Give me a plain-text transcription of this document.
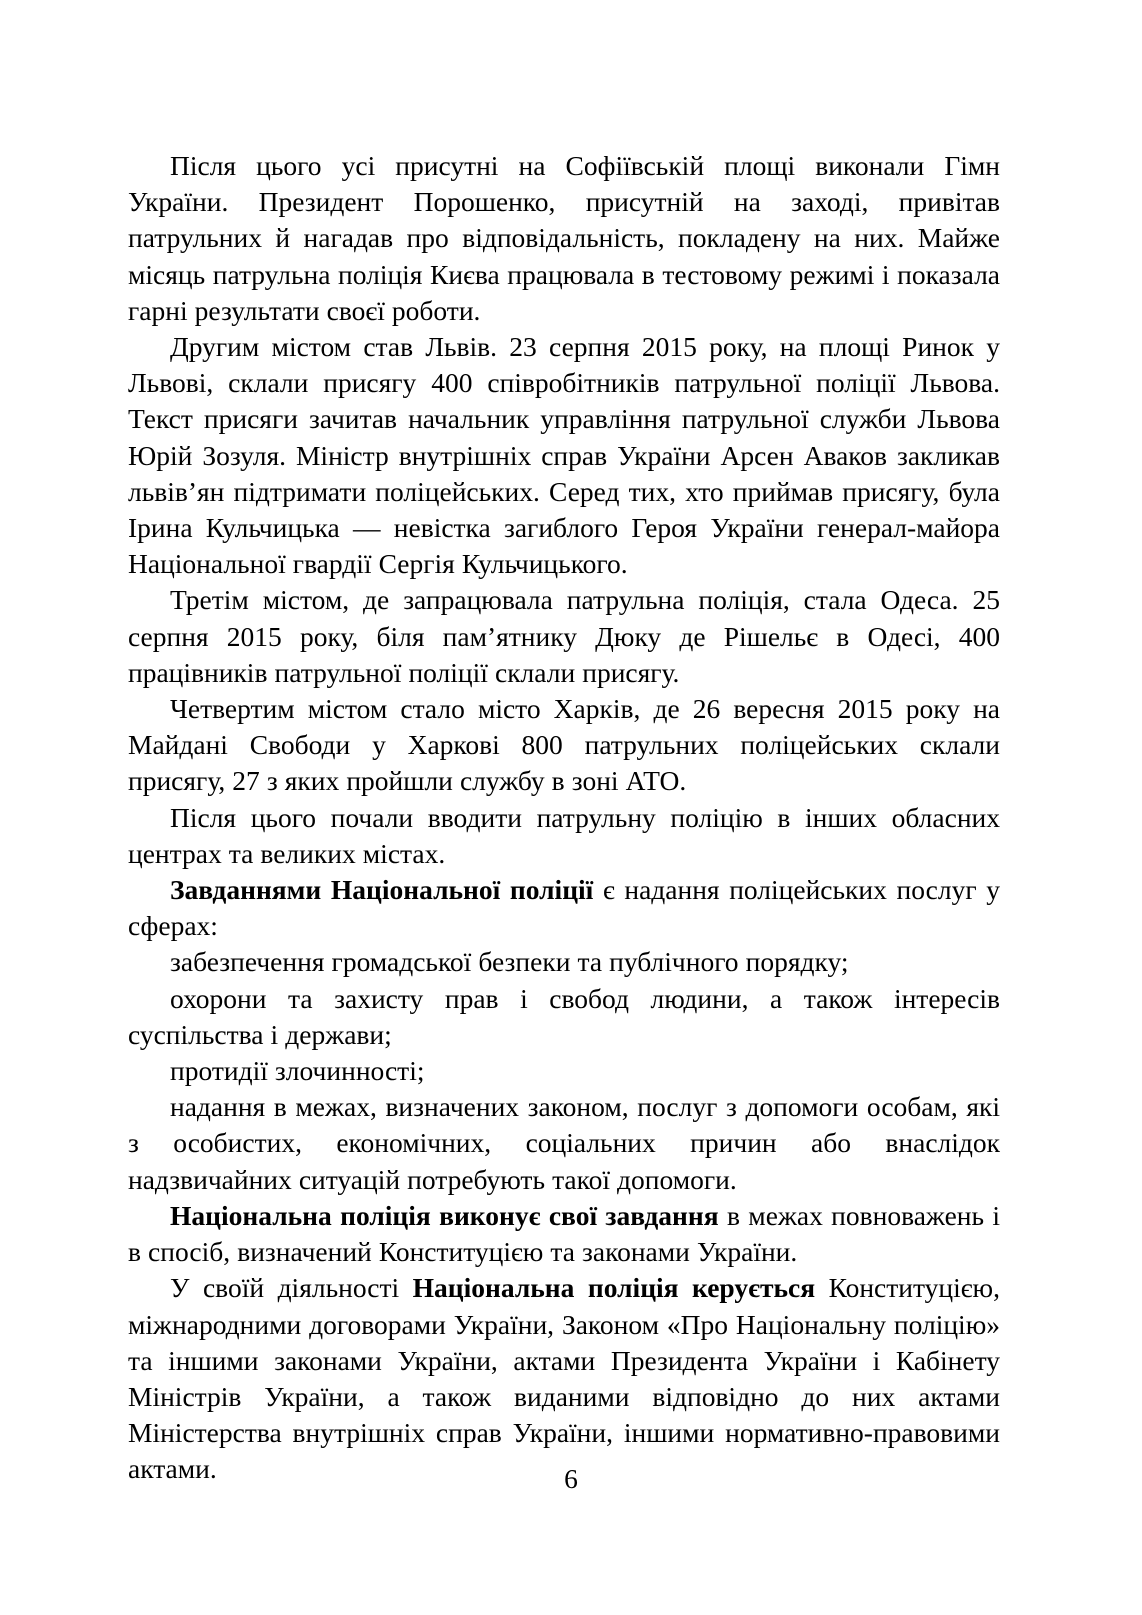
Після цього усі присутні на Софіївській площі виконали Гімн України. Президент Порошенко, присутній на заході, привітав патрульних й нагадав про відповідальність, покладену на них. Майже місяць патрульна поліція Києва працювала в тестовому режимі і показала гарні результати своєї роботи.

Другим містом став Львів. 23 серпня 2015 року, на площі Ринок у Львові, склали присягу 400 співробітників патрульної поліції Львова. Текст присяги зачитав начальник управління патрульної служби Львова Юрій Зозуля. Міністр внутрішніх справ України Арсен Аваков закликав львів’ян підтримати поліцейських. Серед тих, хто приймав присягу, була Ірина Кульчицька — невістка загиблого Героя України генерал-майора Національної гвардії Сергія Кульчицького.

Третім містом, де запрацювала патрульна поліція, стала Одеса. 25 серпня 2015 року, біля пам’ятнику Дюку де Рішельє в Одесі, 400 працівників патрульної поліції склали присягу.

Четвертим містом стало місто Харків, де 26 вересня 2015 року на Майдані Свободи у Харкові 800 патрульних поліцейських склали присягу, 27 з яких пройшли службу в зоні АТО.

Після цього почали вводити патрульну поліцію в інших обласних центрах та великих містах.

Завданнями Національної поліції є надання поліцейських послуг у сферах:

забезпечення громадської безпеки та публічного порядку;

охорони та захисту прав і свобод людини, а також інтересів суспільства і держави;

протидії злочинності;

надання в межах, визначених законом, послуг з допомоги особам, які з особистих, економічних, соціальних причин або внаслідок надзвичайних ситуацій потребують такої допомоги.

Національна поліція виконує свої завдання в межах повноважень і в спосіб, визначений Конституцією та законами України.

У своїй діяльності Національна поліція керується Конституцією, міжнародними договорами України, Законом «Про Національну поліцію» та іншими законами України, актами Президента України і Кабінету Міністрів України, а також виданими відповідно до них актами Міністерства внутрішніх справ України, іншими нормативно-правовими актами.	6
